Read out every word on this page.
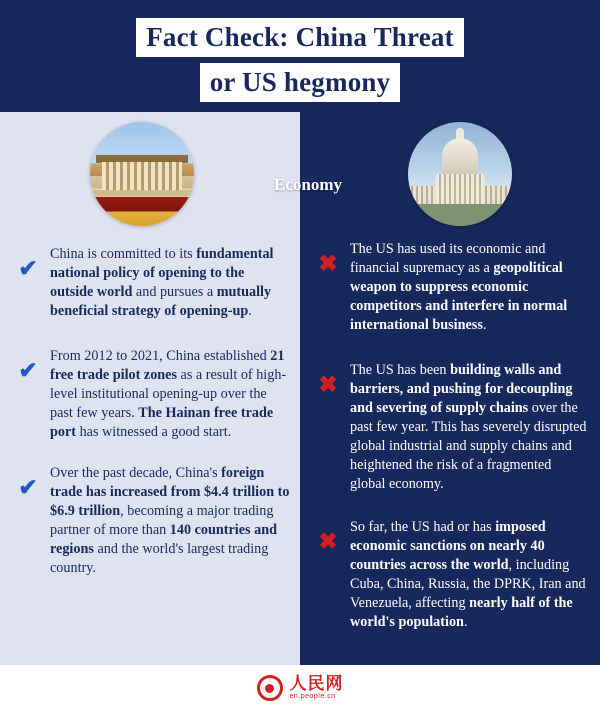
Fact Check: China Threat
or US hegmony
Economy
✔
China is committed to its fundamental national policy of opening to the outside world and pursues a mutually beneficial strategy of opening-up.
✔
From 2012 to 2021, China established 21 free trade pilot zones as a result of high-level institutional opening-up over the past few years. The Hainan free trade port has witnessed a good start.
✔
Over the past decade, China's foreign trade has increased from $4.4 trillion to $6.9 trillion, becoming a major trading partner of more than 140 countries and regions and the world's largest trading country.
✖
The US has used its economic and financial supremacy as a geopolitical weapon to suppress economic competitors and interfere in normal international business.
✖
The US has been building walls and barriers, and pushing for decoupling and severing of supply chains over the past few year. This has severely disrupted global industrial and supply chains and heightened the risk of a fragmented global economy.
✖
So far, the US had or has imposed economic sanctions on nearly 40 countries across the world, including Cuba, China, Russia, the DPRK, Iran and Venezuela, affecting nearly half of the world's population.
人民网
en.people.cn
